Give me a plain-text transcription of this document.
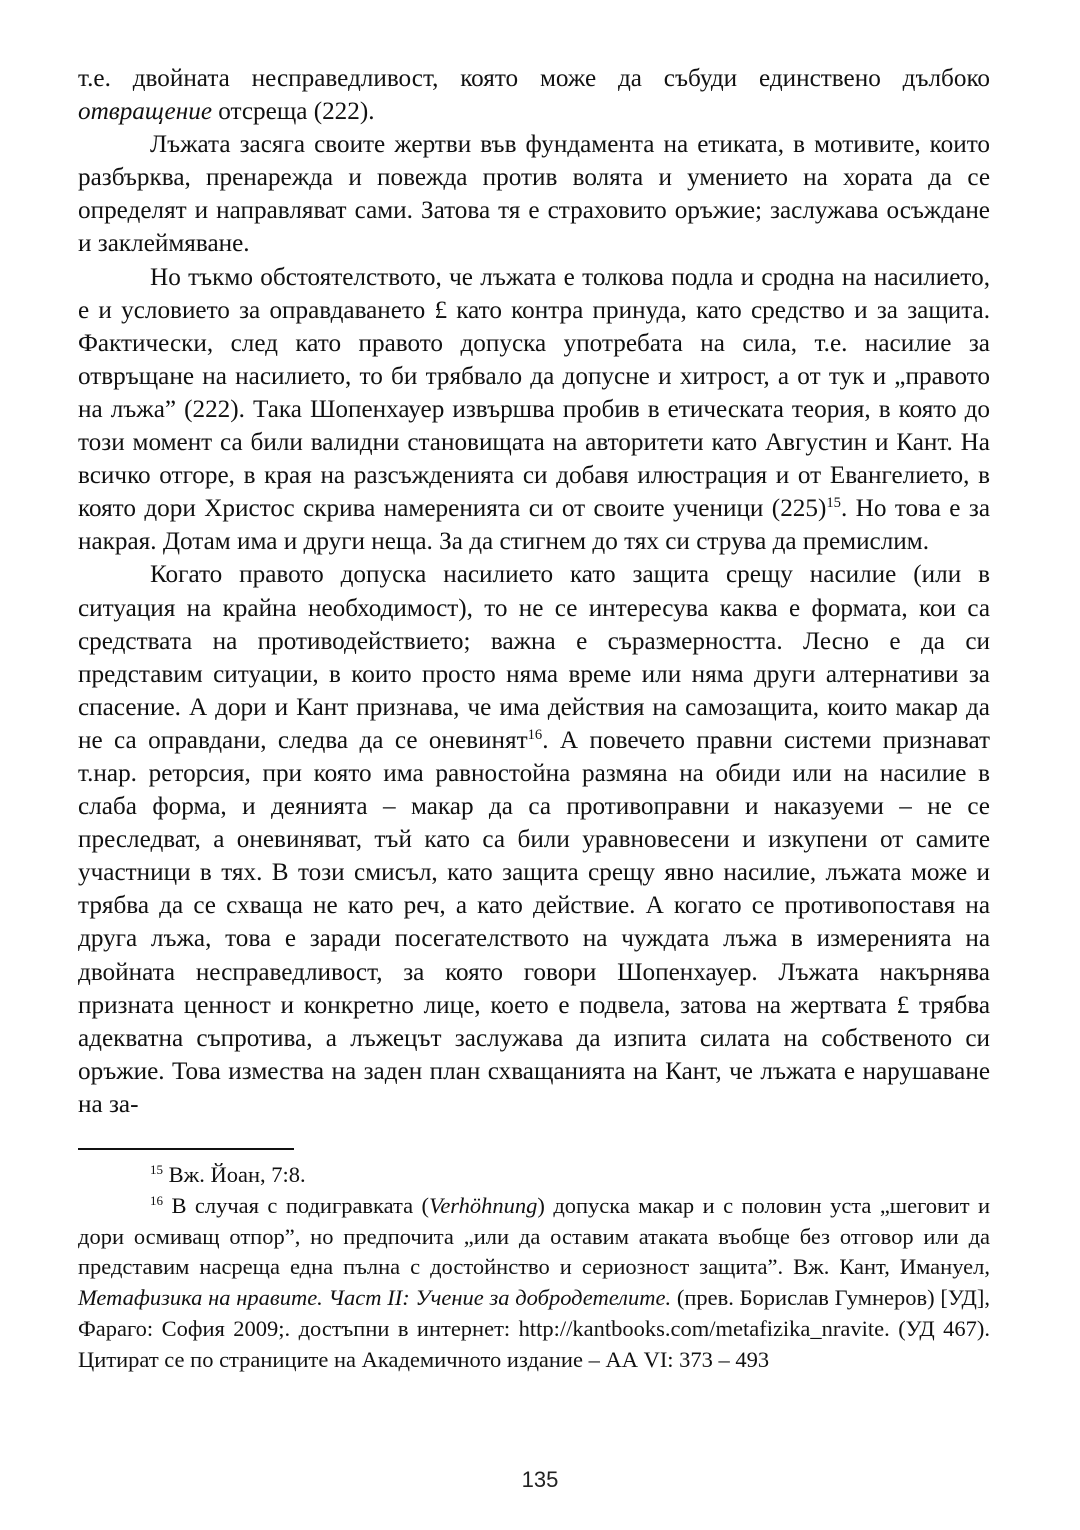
т.е. двойната несправедливост, която може да събуди единствено дълбоко отвращение отсреща (222).

Лъжата засяга своите жертви във фундамента на етиката, в мотивите, които разбърква, пренарежда и повежда против волята и умението на хората да се определят и направляват сами. Затова тя е страховито оръжие; заслужава осъждане и заклеймяване.

Но тъкмо обстоятелството, че лъжата е толкова подла и сродна на насилието, е и условието за оправдаването £ като контра принуда, като средство и за защита. Фактически, след като правото допуска употребата на сила, т.е. насилие за отвръщане на насилието, то би трябвало да допусне и хитрост, а от тук и „правото на лъжа” (222). Така Шопенхауер извършва пробив в етическата теория, в която до този момент са били валидни становищата на авторитети като Августин и Кант. На всичко отгоре, в края на разсъжденията си добавя илюстрация и от Евангелието, в която дори Христос скрива намеренията си от своите ученици $(225)^{15}$. Но това е за накрая. Дотам има и други неща. За да стигнем до тях си струва да премислим.

Когато правото допуска насилието като защита срещу насилие (или в ситуация на крайна необходимост), то не се интересува каква е формата, кои са средствата на противодействието; важна е съразмерността. Лесно е да си представим ситуации, в които просто няма време или няма други алтернативи за спасение. А дори и Кант признава, че има действия на самозащита, които макар да не са оправдани, следва да се оневинят$^{16}$. А повечето правни системи признават т.нар. реторсия, при която има равностойна размяна на обиди или на насилие в слаба форма, и деянията – макар да са противоправни и наказуеми – не се преследват, а оневиняват, тъй като са били уравновесени и изкупени от самите участници в тях. В този смисъл, като защита срещу явно насилие, лъжата може и трябва да се схваща не като реч, а като действие. А когато се противопоставя на друга лъжа, това е заради посегателството на чуждата лъжа в измеренията на двойната несправедливост, за която говори Шопенхауер. Лъжата накърнява призната ценност и конкретно лице, което е подвела, затова на жертвата £ трябва адекватна съпротива, а лъжецът заслужава да изпита силата на собственото си оръжие. Това измества на заден план схващанията на Кант, че лъжата е нарушаване на за-

$^{15}$ Вж. Йоан, 7:8.

$^{16}$ В случая с подигравката (Verhöhnung) допуска макар и с половин уста „шеговит и дори осмиващ отпор”, но предпочита „или да оставим атаката въобще без отговор или да представим насреща една пълна с достойнство и сериозност защита”. Вж. Кант, Имануел, Метафизика на нравите. Част II: Учение за добродетелите. (прев. Борислав Гумнеров) [УД], Фараго: София 2009;. достъпни в интернет: http://kantbooks.com/metafizika_nravite. (УД 467). Цитират се по страниците на Академичното издание – АА VI: 373 – 493

135
